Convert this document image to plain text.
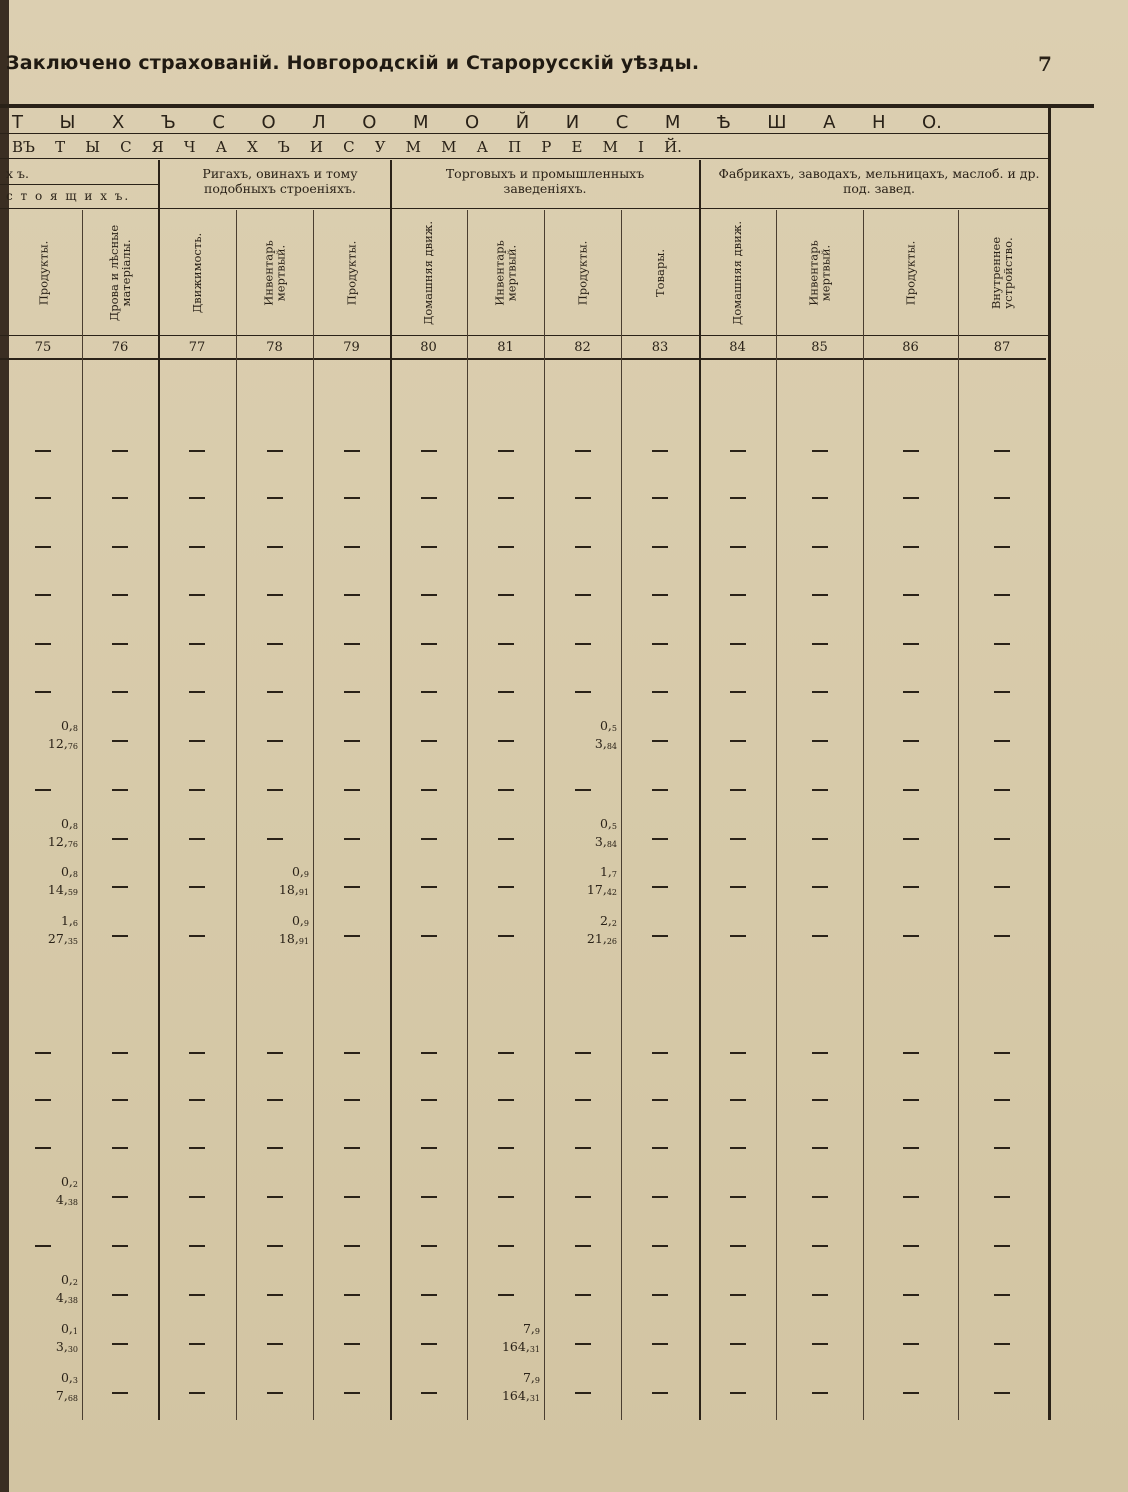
Заключено страхованій. Новгородскій и Старорусскій уѣзды.	7
Т Ы Х Ъ С О Л О М О Й И С М Ѣ Ш А Н О.
ВЪ Т Ы С Я Ч А Х Ъ И С У М М А П Р Е М І Й.
х ъ.
с т о я щ и х ъ.
Ригахъ, овинахъ и тому подобныхъ строеніяхъ.
Торговыхъ и промышленныхъ заведеніяхъ.
Фабрикахъ, заводахъ, мельницахъ, маслоб. и др. под. завед.
Продукты.
75
Дрова и лѣсные
матеріалы.
76
Движимость.
77
Инвентарь
мертвый.
78
Продукты.
79
Домашняя движ.
80
Инвентарь
мертвый.
81
Продукты.
82
Товары.
83
Домашняя движ.
84
Инвентарь
мертвый.
85
Продукты.
86
Внутреннее
устройство.
87
$0,_8$
$12,_{76}$
$0,_5$
$3,_{84}$
$0,_8$
$12,_{76}$
$0,_5$
$3,_{84}$
$0,_8$
$14,_{59}$
$0,_9$
$18,_{91}$
$1,_7$
$17,_{42}$
$1,_6$
$27,_{35}$
$0,_9$
$18,_{91}$
$2,_2$
$21,_{26}$
$0,_2$
$4,_{38}$
$0,_2$
$4,_{38}$
$0,_1$
$3,_{30}$
$7,_9$
$164,_{31}$
$0,_3$
$7,_{68}$
$7,_9$
$164,_{31}$
